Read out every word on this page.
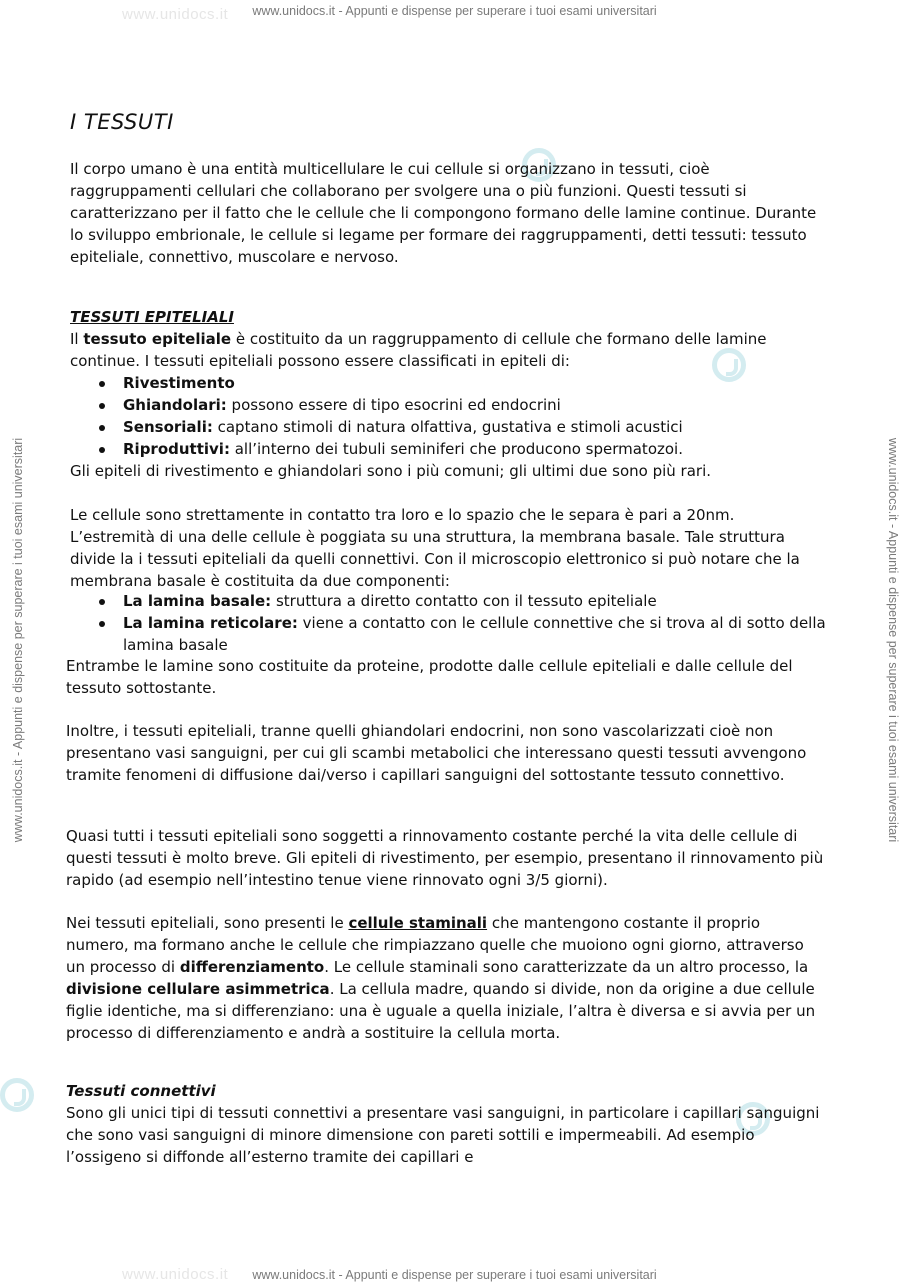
www.unidocs.it - Appunti e dispense per superare i tuoi esami universitari
www.unidocs.it - Appunti e dispense per superare i tuoi esami universitari
www.unidocs.it
www.unidocs.it
www.unidocs.it - Appunti e dispense per superare i tuoi esami universitari	www.unidocs.it - Appunti e dispense per superare i tuoi esami universitari
I TESSUTI

Il corpo umano è una entità multicellulare le cui cellule si organizzano in tessuti, cioè raggruppamenti cellulari che collaborano per svolgere una o più funzioni. Questi tessuti si caratterizzano per il fatto che le cellule che li compongono formano delle lamine continue. Durante lo sviluppo embrionale, le cellule si legame per formare dei raggruppamenti, detti tessuti: tessuto epiteliale, connettivo, muscolare e nervoso.

TESSUTI EPITELIALI

Il tessuto epiteliale è costituito da un raggruppamento di cellule che formano delle lamine continue. I tessuti epiteliali possono essere classificati in epiteli di:

Rivestimento
Ghiandolari: possono essere di tipo esocrini ed endocrini
Sensoriali: captano stimoli di natura olfattiva, gustativa e stimoli acustici
Riproduttivi: all’interno dei tubuli seminiferi che producono spermatozoi.

Gli epiteli di rivestimento e ghiandolari sono i più comuni; gli ultimi due sono più rari.

Le cellule sono strettamente in contatto tra loro e lo spazio che le separa è pari a 20nm. L’estremità di una delle cellule è poggiata su una struttura, la membrana basale. Tale struttura divide la i tessuti epiteliali da quelli connettivi. Con il microscopio elettronico si può notare che la membrana basale è costituita da due componenti:

La lamina basale: struttura a diretto contatto con il tessuto epiteliale
La lamina reticolare: viene a contatto con le cellule connettive che si trova al di sotto della lamina basale

Entrambe le lamine sono costituite da proteine, prodotte dalle cellule epiteliali e dalle cellule del tessuto sottostante.

Inoltre, i tessuti epiteliali, tranne quelli ghiandolari endocrini, non sono vascolarizzati cioè non presentano vasi sanguigni, per cui gli scambi metabolici che interessano questi tessuti avvengono tramite fenomeni di diffusione dai/verso i capillari sanguigni del sottostante tessuto connettivo.

Quasi tutti i tessuti epiteliali sono soggetti a rinnovamento costante perché la vita delle cellule di questi tessuti è molto breve. Gli epiteli di rivestimento, per esempio, presentano il rinnovamento più rapido (ad esempio nell’intestino tenue viene rinnovato ogni 3/5 giorni).

Nei tessuti epiteliali, sono presenti le cellule staminali che mantengono costante il proprio numero, ma formano anche le cellule che rimpiazzano quelle che muoiono ogni giorno, attraverso un processo di differenziamento. Le cellule staminali sono caratterizzate da un altro processo, la divisione cellulare asimmetrica. La cellula madre, quando si divide, non da origine a due cellule figlie identiche, ma si differenziano: una è uguale a quella iniziale, l’altra è diversa e si avvia per un processo di differenziamento e andrà a sostituire la cellula morta.

Tessuti connettivi

Sono gli unici tipi di tessuti connettivi a presentare vasi sanguigni, in particolare i capillari sanguigni che sono vasi sanguigni di minore dimensione con pareti sottili e impermeabili. Ad esempio l’ossigeno si diffonde all’esterno tramite dei capillari e
